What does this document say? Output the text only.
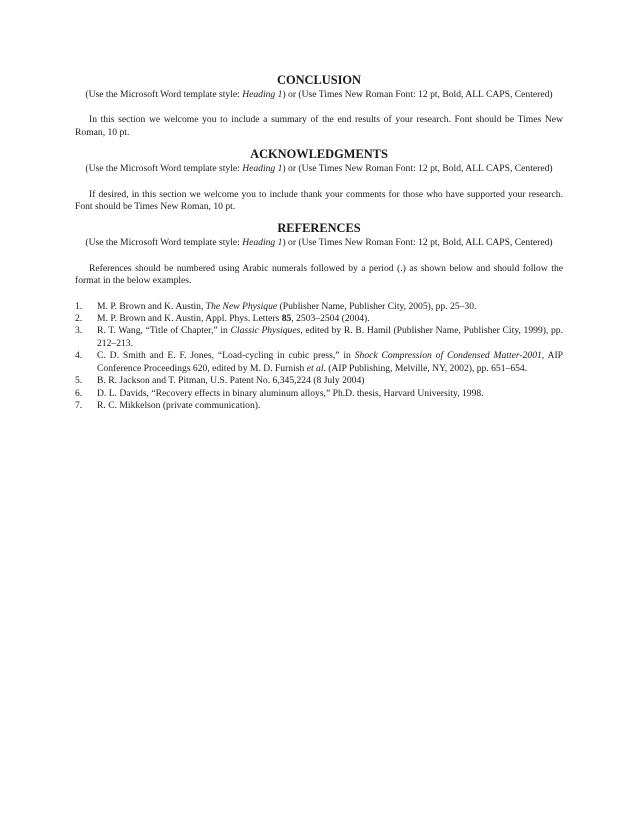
CONCLUSION

(Use the Microsoft Word template style: Heading 1) or (Use Times New Roman Font: 12 pt, Bold, ALL CAPS, Centered)

In this section we welcome you to include a summary of the end results of your research. Font should be Times New Roman, 10 pt.

ACKNOWLEDGMENTS

(Use the Microsoft Word template style: Heading 1) or (Use Times New Roman Font: 12 pt, Bold, ALL CAPS, Centered)

If desired, in this section we welcome you to include thank your comments for those who have supported your research. Font should be Times New Roman, 10 pt.

REFERENCES

(Use the Microsoft Word template style: Heading 1) or (Use Times New Roman Font: 12 pt, Bold, ALL CAPS, Centered)

References should be numbered using Arabic numerals followed by a period (.) as shown below and should follow the format in the below examples.

1. M. P. Brown and K. Austin, The New Physique (Publisher Name, Publisher City, 2005), pp. 25–30.
2. M. P. Brown and K. Austin, Appl. Phys. Letters 85, 2503–2504 (2004).
3. R. T. Wang, “Title of Chapter,” in Classic Physiques, edited by R. B. Hamil (Publisher Name, Publisher City, 1999), pp. 212–213.
4. C. D. Smith and E. F. Jones, “Load-cycling in cubic press,” in Shock Compression of Condensed Matter-2001, AIP Conference Proceedings 620, edited by M. D. Furnish et al. (AIP Publishing, Melville, NY, 2002), pp. 651–654.
5. B. R. Jackson and T. Pitman, U.S. Patent No. 6,345,224 (8 July 2004)
6. D. L. Davids, “Recovery effects in binary aluminum alloys,” Ph.D. thesis, Harvard University, 1998.
7. R. C. Mikkelson (private communication).
